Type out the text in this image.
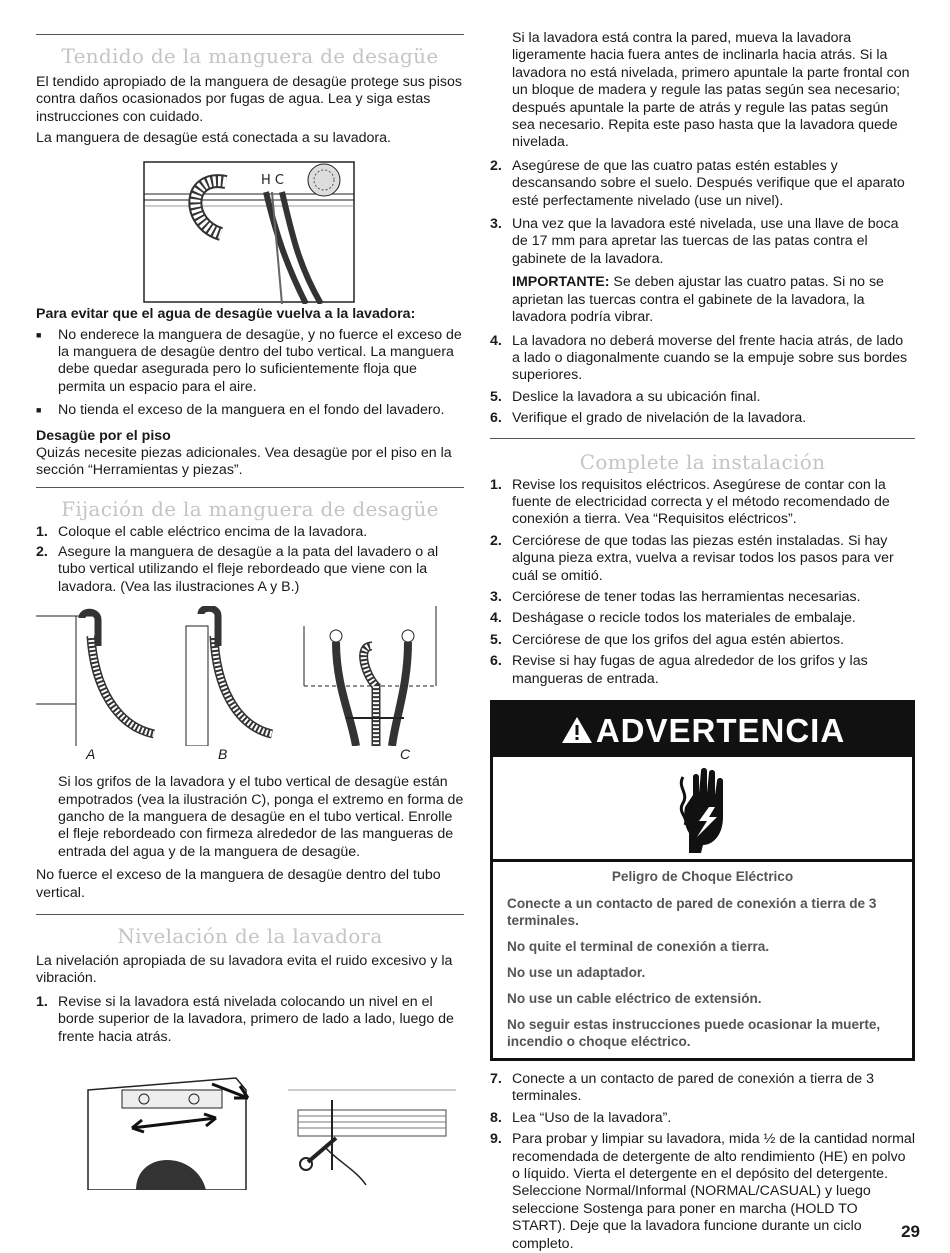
Tendido de la manguera de desagüe

El tendido apropiado de la manguera de desagüe protege sus pisos contra daños ocasionados por fugas de agua. Lea y siga estas instrucciones con cuidado.

La manguera de desagüe está conectada a su lavadora.

H C

Para evitar que el agua de desagüe vuelva a la lavadora:

■	No enderece la manguera de desagüe, y no fuerce el exceso de la manguera de desagüe dentro del tubo vertical. La manguera debe quedar asegurada pero lo suficientemente floja que permita un espacio para el aire.
■	No tienda el exceso de la manguera en el fondo del lavadero.

Desagüe por el piso

Quizás necesite piezas adicionales. Vea desagüe por el piso en la sección “Herramientas y piezas”.

Fijación de la manguera de desagüe
1. Coloque el cable eléctrico encima de la lavadora.
2. Asegure la manguera de desagüe a la pata del lavadero o al tubo vertical utilizando el fleje rebordeado que viene con la lavadora. (Vea las ilustraciones A y B.)
A	B	C

Si los grifos de la lavadora y el tubo vertical de desagüe están empotrados (vea la ilustración C), ponga el extremo en forma de gancho de la manguera de desagüe en el tubo vertical. Enrolle el fleje rebordeado con firmeza alrededor de las mangueras de entrada del agua y de la manguera de desagüe.

No fuerce el exceso de la manguera de desagüe dentro del tubo vertical.

Nivelación de la lavadora

La nivelación apropiada de su lavadora evita el ruido excesivo y la vibración.

1. Revise si la lavadora está nivelada colocando un nivel en el borde superior de la lavadora, primero de lado a lado, luego de frente hacia atrás.

Si la lavadora está contra la pared, mueva la lavadora ligeramente hacia fuera antes de inclinarla hacia atrás. Si la lavadora no está nivelada, primero apuntale la parte frontal con un bloque de madera y regule las patas según sea necesario; después apuntale la parte de atrás y regule las patas según sea necesario. Repita este paso hasta que la lavadora quede nivelada.

2. Asegúrese de que las cuatro patas estén estables y descansando sobre el suelo. Después verifique que el aparato esté perfectamente nivelado (use un nivel).
3. Una vez que la lavadora esté nivelada, use una llave de boca de 17 mm para apretar las tuercas de las patas contra el gabinete de la lavadora.

IMPORTANTE: Se deben ajustar las cuatro patas. Si no se aprietan las tuercas contra el gabinete de la lavadora, la lavadora podría vibrar.

4. La lavadora no deberá moverse del frente hacia atrás, de lado a lado o diagonalmente cuando se la empuje sobre sus bordes superiores.
5. Deslice la lavadora a su ubicación final.
6. Verifique el grado de nivelación de la lavadora.
Complete la instalación
1. Revise los requisitos eléctricos. Asegúrese de contar con la fuente de electricidad correcta y el método recomendado de conexión a tierra. Vea “Requisitos eléctricos”.
2. Cerciórese de que todas las piezas estén instaladas. Si hay alguna pieza extra, vuelva a revisar todos los pasos para ver cuál se omitió.
3. Cerciórese de tener todas las herramientas necesarias.
4. Deshágase o recicle todos los materiales de embalaje.
5. Cerciórese de que los grifos del agua estén abiertos.
6. Revise si hay fugas de agua alrededor de los grifos y las mangueras de entrada.
ADVERTENCIA

Peligro de Choque Eléctrico

Conecte a un contacto de pared de conexión a tierra de 3 terminales.

No quite el terminal de conexión a tierra.

No use un adaptador.

No use un cable eléctrico de extensión.

No seguir estas instrucciones puede ocasionar la muerte, incendio o choque eléctrico.

7. Conecte a un contacto de pared de conexión a tierra de 3 terminales.
8. Lea “Uso de la lavadora”.
9. Para probar y limpiar su lavadora, mida ½ de la cantidad normal recomendada de detergente de alto rendimiento (HE) en polvo o líquido. Vierta el detergente en el depósito del detergente. Seleccione Normal/Informal (NORMAL/CASUAL) y luego seleccione Sostenga para poner en marcha (HOLD TO START). Deje que la lavadora funcione durante un ciclo completo.
29
